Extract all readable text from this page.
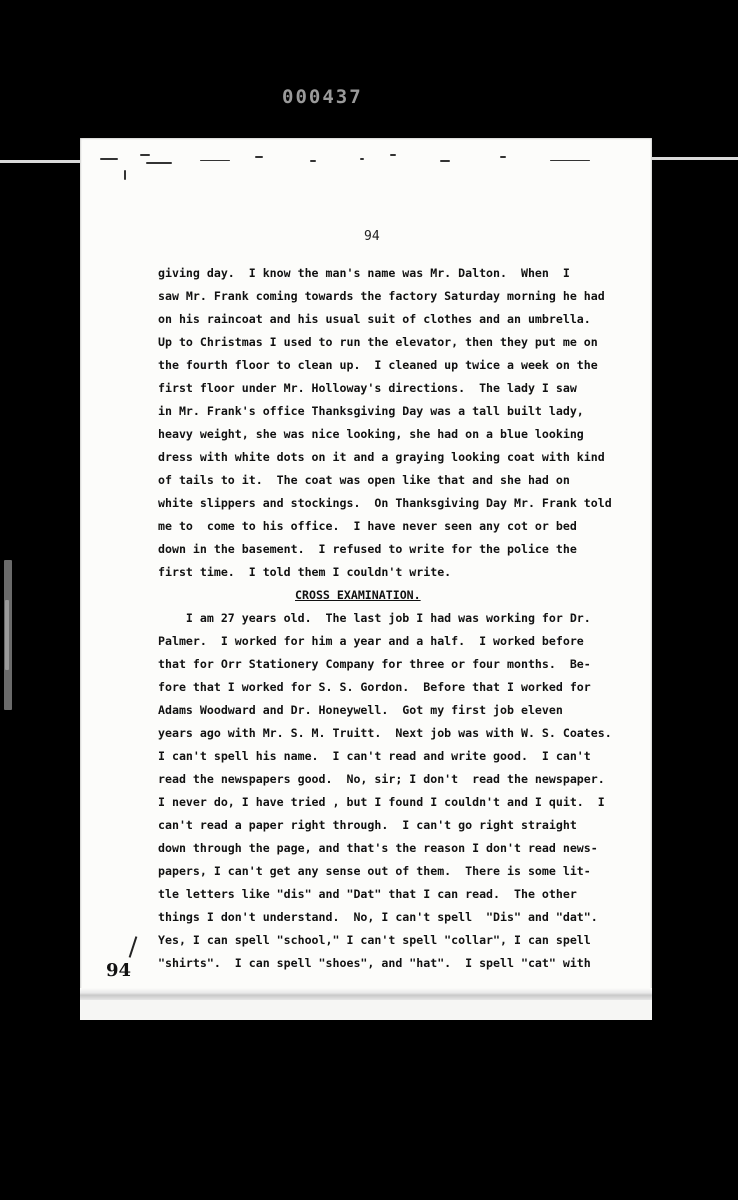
000437
94
giving day.  I know the man's name was Mr. Dalton.  When  I
saw Mr. Frank coming towards the factory Saturday morning he had
on his raincoat and his usual suit of clothes and an umbrella.
Up to Christmas I used to run the elevator, then they put me on
the fourth floor to clean up.  I cleaned up twice a week on the
first floor under Mr. Holloway's directions.  The lady I saw
in Mr. Frank's office Thanksgiving Day was a tall built lady,
heavy weight, she was nice looking, she had on a blue looking
dress with white dots on it and a graying looking coat with kind
of tails to it.  The coat was open like that and she had on
white slippers and stockings.  On Thanksgiving Day Mr. Frank told
me to  come to his office.  I have never seen any cot or bed
down in the basement.  I refused to write for the police the
first time.  I told them I couldn't write.
CROSS EXAMINATION.
I am 27 years old.  The last job I had was working for Dr.
Palmer.  I worked for him a year and a half.  I worked before
that for Orr Stationery Company for three or four months.  Be-
fore that I worked for S. S. Gordon.  Before that I worked for
Adams Woodward and Dr. Honeywell.  Got my first job eleven
years ago with Mr. S. M. Truitt.  Next job was with W. S. Coates.
I can't spell his name.  I can't read and write good.  I can't
read the newspapers good.  No, sir; I don't  read the newspaper.
I never do, I have tried , but I found I couldn't and I quit.  I
can't read a paper right through.  I can't go right straight
down through the page, and that's the reason I don't read news-
papers, I can't get any sense out of them.  There is some lit-
tle letters like "dis" and "Dat" that I can read.  The other
things I don't understand.  No, I can't spell  "Dis" and "dat".
Yes, I can spell "school," I can't spell "collar", I can spell
"shirts".  I can spell "shoes", and "hat".  I spell "cat" with
94
